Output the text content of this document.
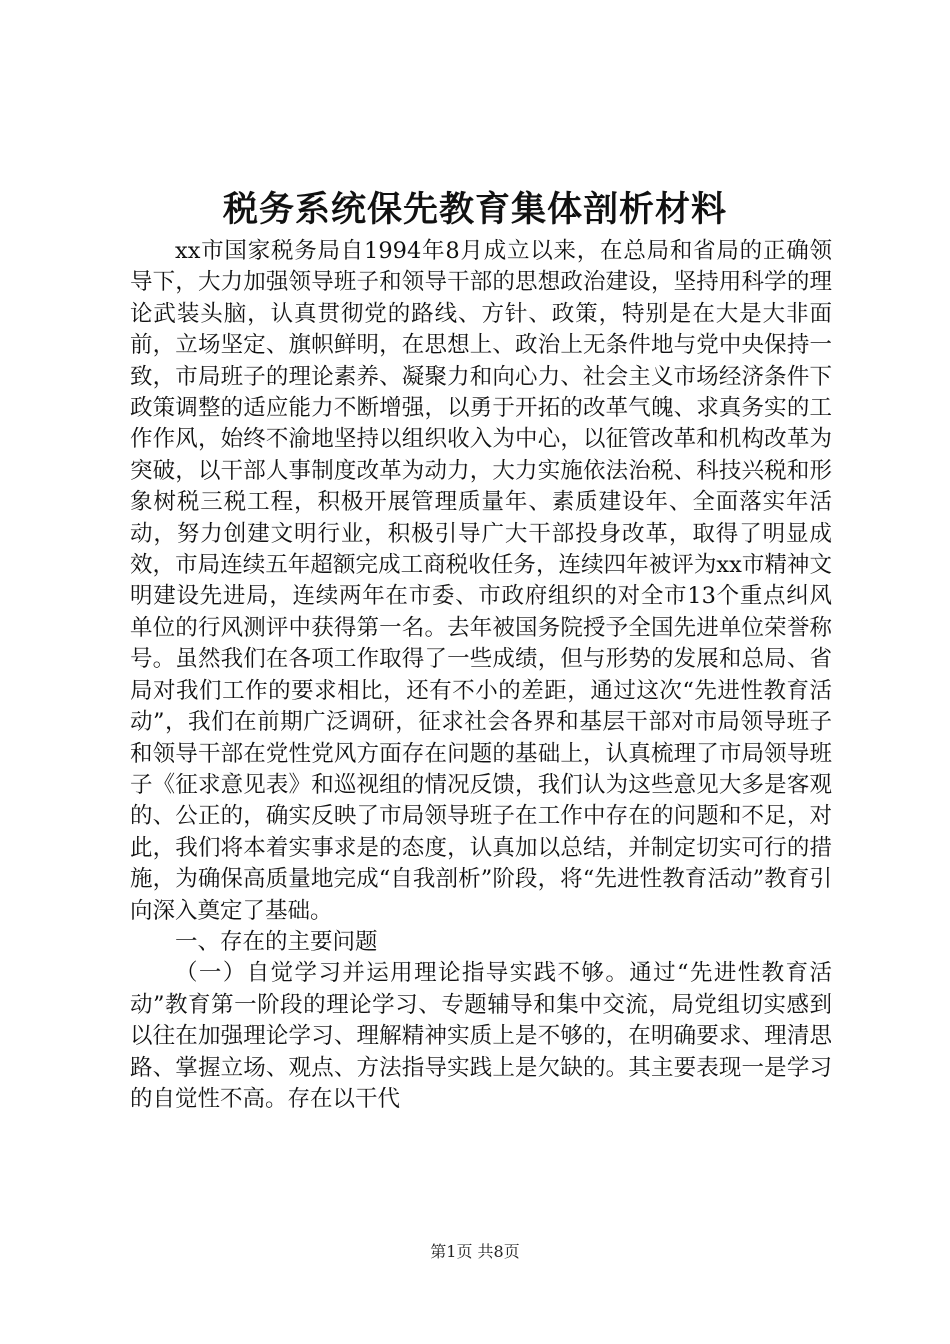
税务系统保先教育集体剖析材料

xx市国家税务局自1994年8月成立以来，在总局和省局的正确领导下，大力加强领导班子和领导干部的思想政治建设，坚持用科学的理论武装头脑，认真贯彻党的路线、方针、政策，特别是在大是大非面前，立场坚定、旗帜鲜明，在思想上、政治上无条件地与党中央保持一致，市局班子的理论素养、凝聚力和向心力、社会主义市场经济条件下政策调整的适应能力不断增强，以勇于开拓的改革气魄、求真务实的工作作风，始终不渝地坚持以组织收入为中心，以征管改革和机构改革为突破，以干部人事制度改革为动力，大力实施依法治税、科技兴税和形象树税三税工程，积极开展管理质量年、素质建设年、全面落实年活动，努力创建文明行业，积极引导广大干部投身改革，取得了明显成效，市局连续五年超额完成工商税收任务，连续四年被评为xx市精神文明建设先进局，连续两年在市委、市政府组织的对全市13个重点纠风单位的行风测评中获得第一名。去年被国务院授予全国先进单位荣誉称号。虽然我们在各项工作取得了一些成绩，但与形势的发展和总局、省局对我们工作的要求相比，还有不小的差距，通过这次“先进性教育活动”，我们在前期广泛调研，征求社会各界和基层干部对市局领导班子和领导干部在党性党风方面存在问题的基础上，认真梳理了市局领导班子《征求意见表》和巡视组的情况反馈，我们认为这些意见大多是客观的、公正的，确实反映了市局领导班子在工作中存在的问题和不足，对此，我们将本着实事求是的态度，认真加以总结，并制定切实可行的措施，为确保高质量地完成“自我剖析”阶段，将“先进性教育活动”教育引向深入奠定了基础。

一、存在的主要问题

（一）自觉学习并运用理论指导实践不够。通过“先进性教育活动”教育第一阶段的理论学习、专题辅导和集中交流，局党组切实感到以往在加强理论学习、理解精神实质上是不够的，在明确要求、理清思路、掌握立场、观点、方法指导实践上是欠缺的。其主要表现一是学习的自觉性不高。存在以干代

第1页 共8页
